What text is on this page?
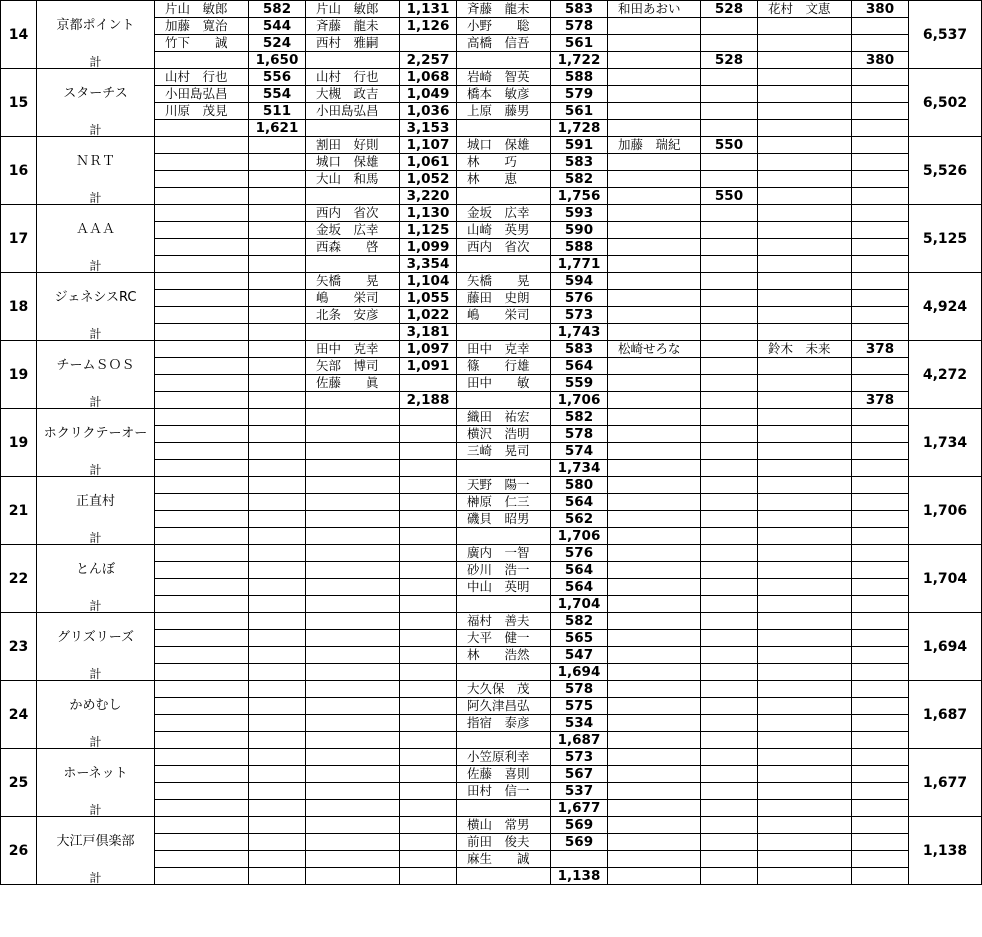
14	京都ポイント	片山　敏郎	582	片山　敏郎	1,131	斉藤　龍未	583	和田あおい	528	花村　文恵	380	6,537
		加藤　寛治	544	斉藤　龍未	1,126	小野　　聡	578					
		竹下　　誠	524	西村　雅嗣		高橋　信吾	561					
	計		1,650		2,257		1,722		528		380	
15	スターチス	山村　行也	556	山村　行也	1,068	岩崎　智英	588					6,502
		小田島弘昌	554	大槻　政吉	1,049	橋本　敏彦	579					
		川原　茂見	511	小田島弘昌	1,036	上原　藤男	561					
	計		1,621		3,153		1,728					
16	ＮＲＴ			割田　好則	1,107	城口　保雄	591	加藤　瑞紀	550			5,526
				城口　保雄	1,061	林　　巧	583					
				大山　和馬	1,052	林　　恵	582					
	計				3,220		1,756		550			
17	ＡＡＡ			西内　省次	1,130	金坂　広幸	593					5,125
				金坂　広幸	1,125	山崎　英男	590					
				西森　　啓	1,099	西内　省次	588					
	計				3,354		1,771					
18	ジェネシスRC			矢橋　　晃	1,104	矢橋　　晃	594					4,924
				嶋　　栄司	1,055	藤田　史朗	576					
				北条　安彦	1,022	嶋　　栄司	573					
	計				3,181		1,743					
19	チームＳＯＳ			田中　克幸	1,097	田中　克幸	583	松崎せろな		鈴木　未来	378	4,272
				矢部　博司	1,091	篠　　行雄	564					
				佐藤　　眞		田中　　敏	559					
	計				2,188		1,706				378	
19	ホクリクテーオー					織田　祐宏	582					1,734
						横沢　浩明	578					
						三崎　晃司	574					
	計						1,734					
21	正直村					天野　陽一	580					1,706
						榊原　仁三	564					
						磯貝　昭男	562					
	計						1,706					
22	とんぼ					廣内　一智	576					1,704
						砂川　浩一	564					
						中山　英明	564					
	計						1,704					
23	グリズリーズ					福村　善夫	582					1,694
						大平　健一	565					
						林　　浩然	547					
	計						1,694					
24	かめむし					大久保　茂	578					1,687
						阿久津昌弘	575					
						指宿　泰彦	534					
	計						1,687					
25	ホーネット					小笠原利幸	573					1,677
						佐藤　喜則	567					
						田村　信一	537					
	計						1,677					
26	大江戸倶楽部					横山　常男	569					1,138
						前田　俊夫	569					
						麻生　　誠						
	計						1,138					
